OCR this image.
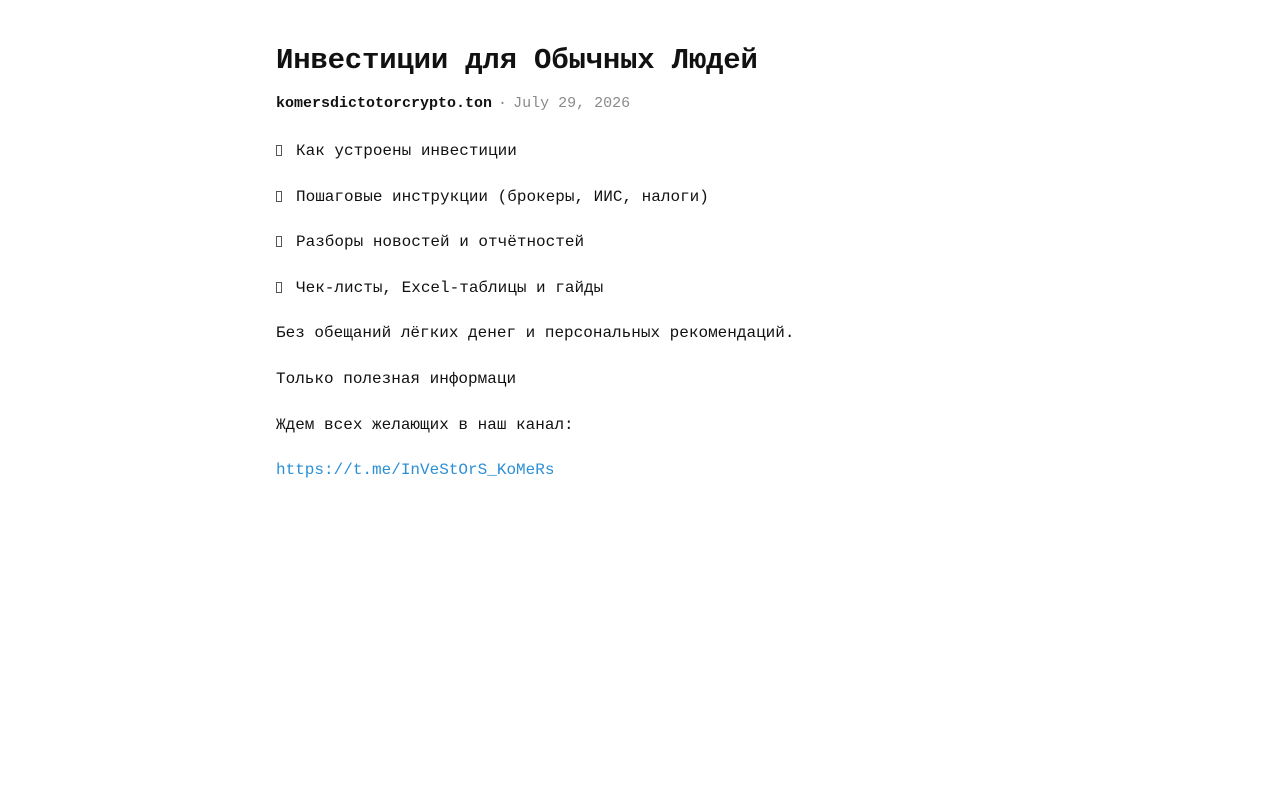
Инвестиции для Обычных Людей
komersdictotorcrypto.ton · July 29, 2026

Как устроены инвестиции

Пошаговые инструкции (брокеры, ИИС, налоги)

Разборы новостей и отчётностей

Чек-листы, Excel-таблицы и гайды

Без обещаний лёгких денег и персональных рекомендаций.

Только полезная информаци

Ждем всех желающих в наш канал:

https://t.me/InVeStOrS_KoMeRs
